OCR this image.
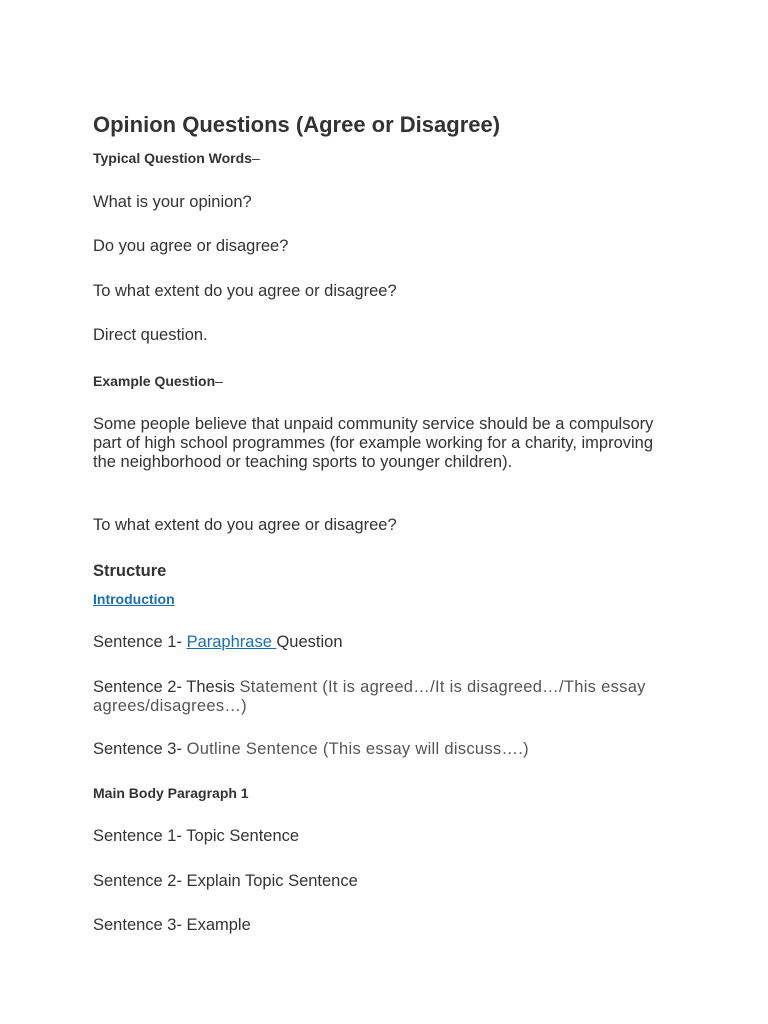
Opinion Questions (Agree or Disagree)

Typical Question Words–

What is your opinion?

Do you agree or disagree?

To what extent do you agree or disagree?

Direct question.

Example Question–

Some people believe that unpaid community service should be a compulsory part of high school programmes (for example working for a charity, improving the neighborhood or teaching sports to younger children).

To what extent do you agree or disagree?

Structure

Introduction

Sentence 1- Paraphrase Question

Sentence 2- Thesis Statement (It is agreed…/It is disagreed…/This essay agrees/disagrees…)

Sentence 3- Outline Sentence (This essay will discuss….)

Main Body Paragraph 1

Sentence 1- Topic Sentence

Sentence 2- Explain Topic Sentence

Sentence 3- Example
